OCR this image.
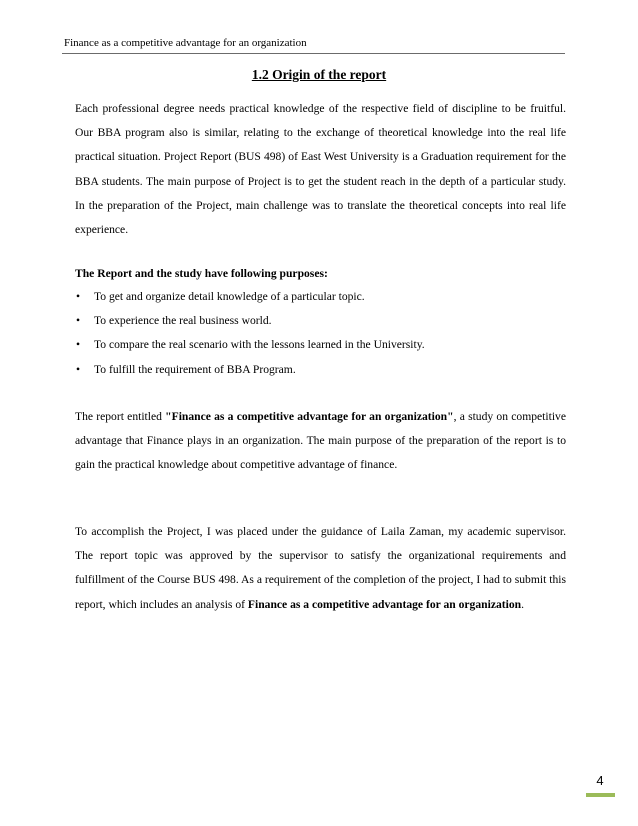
Finance as a competitive advantage for an organization
1.2 Origin of the report

Each professional degree needs practical knowledge of the respective field of discipline to be fruitful. Our BBA program also is similar, relating to the exchange of theoretical knowledge into the real life practical situation. Project Report (BUS 498) of East West University is a Graduation requirement for the BBA students. The main purpose of Project is to get the student reach in the depth of a particular study. In the preparation of the Project, main challenge was to translate the theoretical concepts into real life experience.

The Report and the study have following purposes:
• To get and organize detail knowledge of a particular topic.
• To experience the real business world.
• To compare the real scenario with the lessons learned in the University.
• To fulfill the requirement of BBA Program.

The report entitled "Finance as a competitive advantage for an organization", a study on competitive advantage that Finance plays in an organization. The main purpose of the preparation of the report is to gain the practical knowledge about competitive advantage of finance.

To accomplish the Project, I was placed under the guidance of Laila Zaman, my academic supervisor. The report topic was approved by the supervisor to satisfy the organizational requirements and fulfillment of the Course BUS 498. As a requirement of the completion of the project, I had to submit this report, which includes an analysis of Finance as a competitive advantage for an organization.

4
